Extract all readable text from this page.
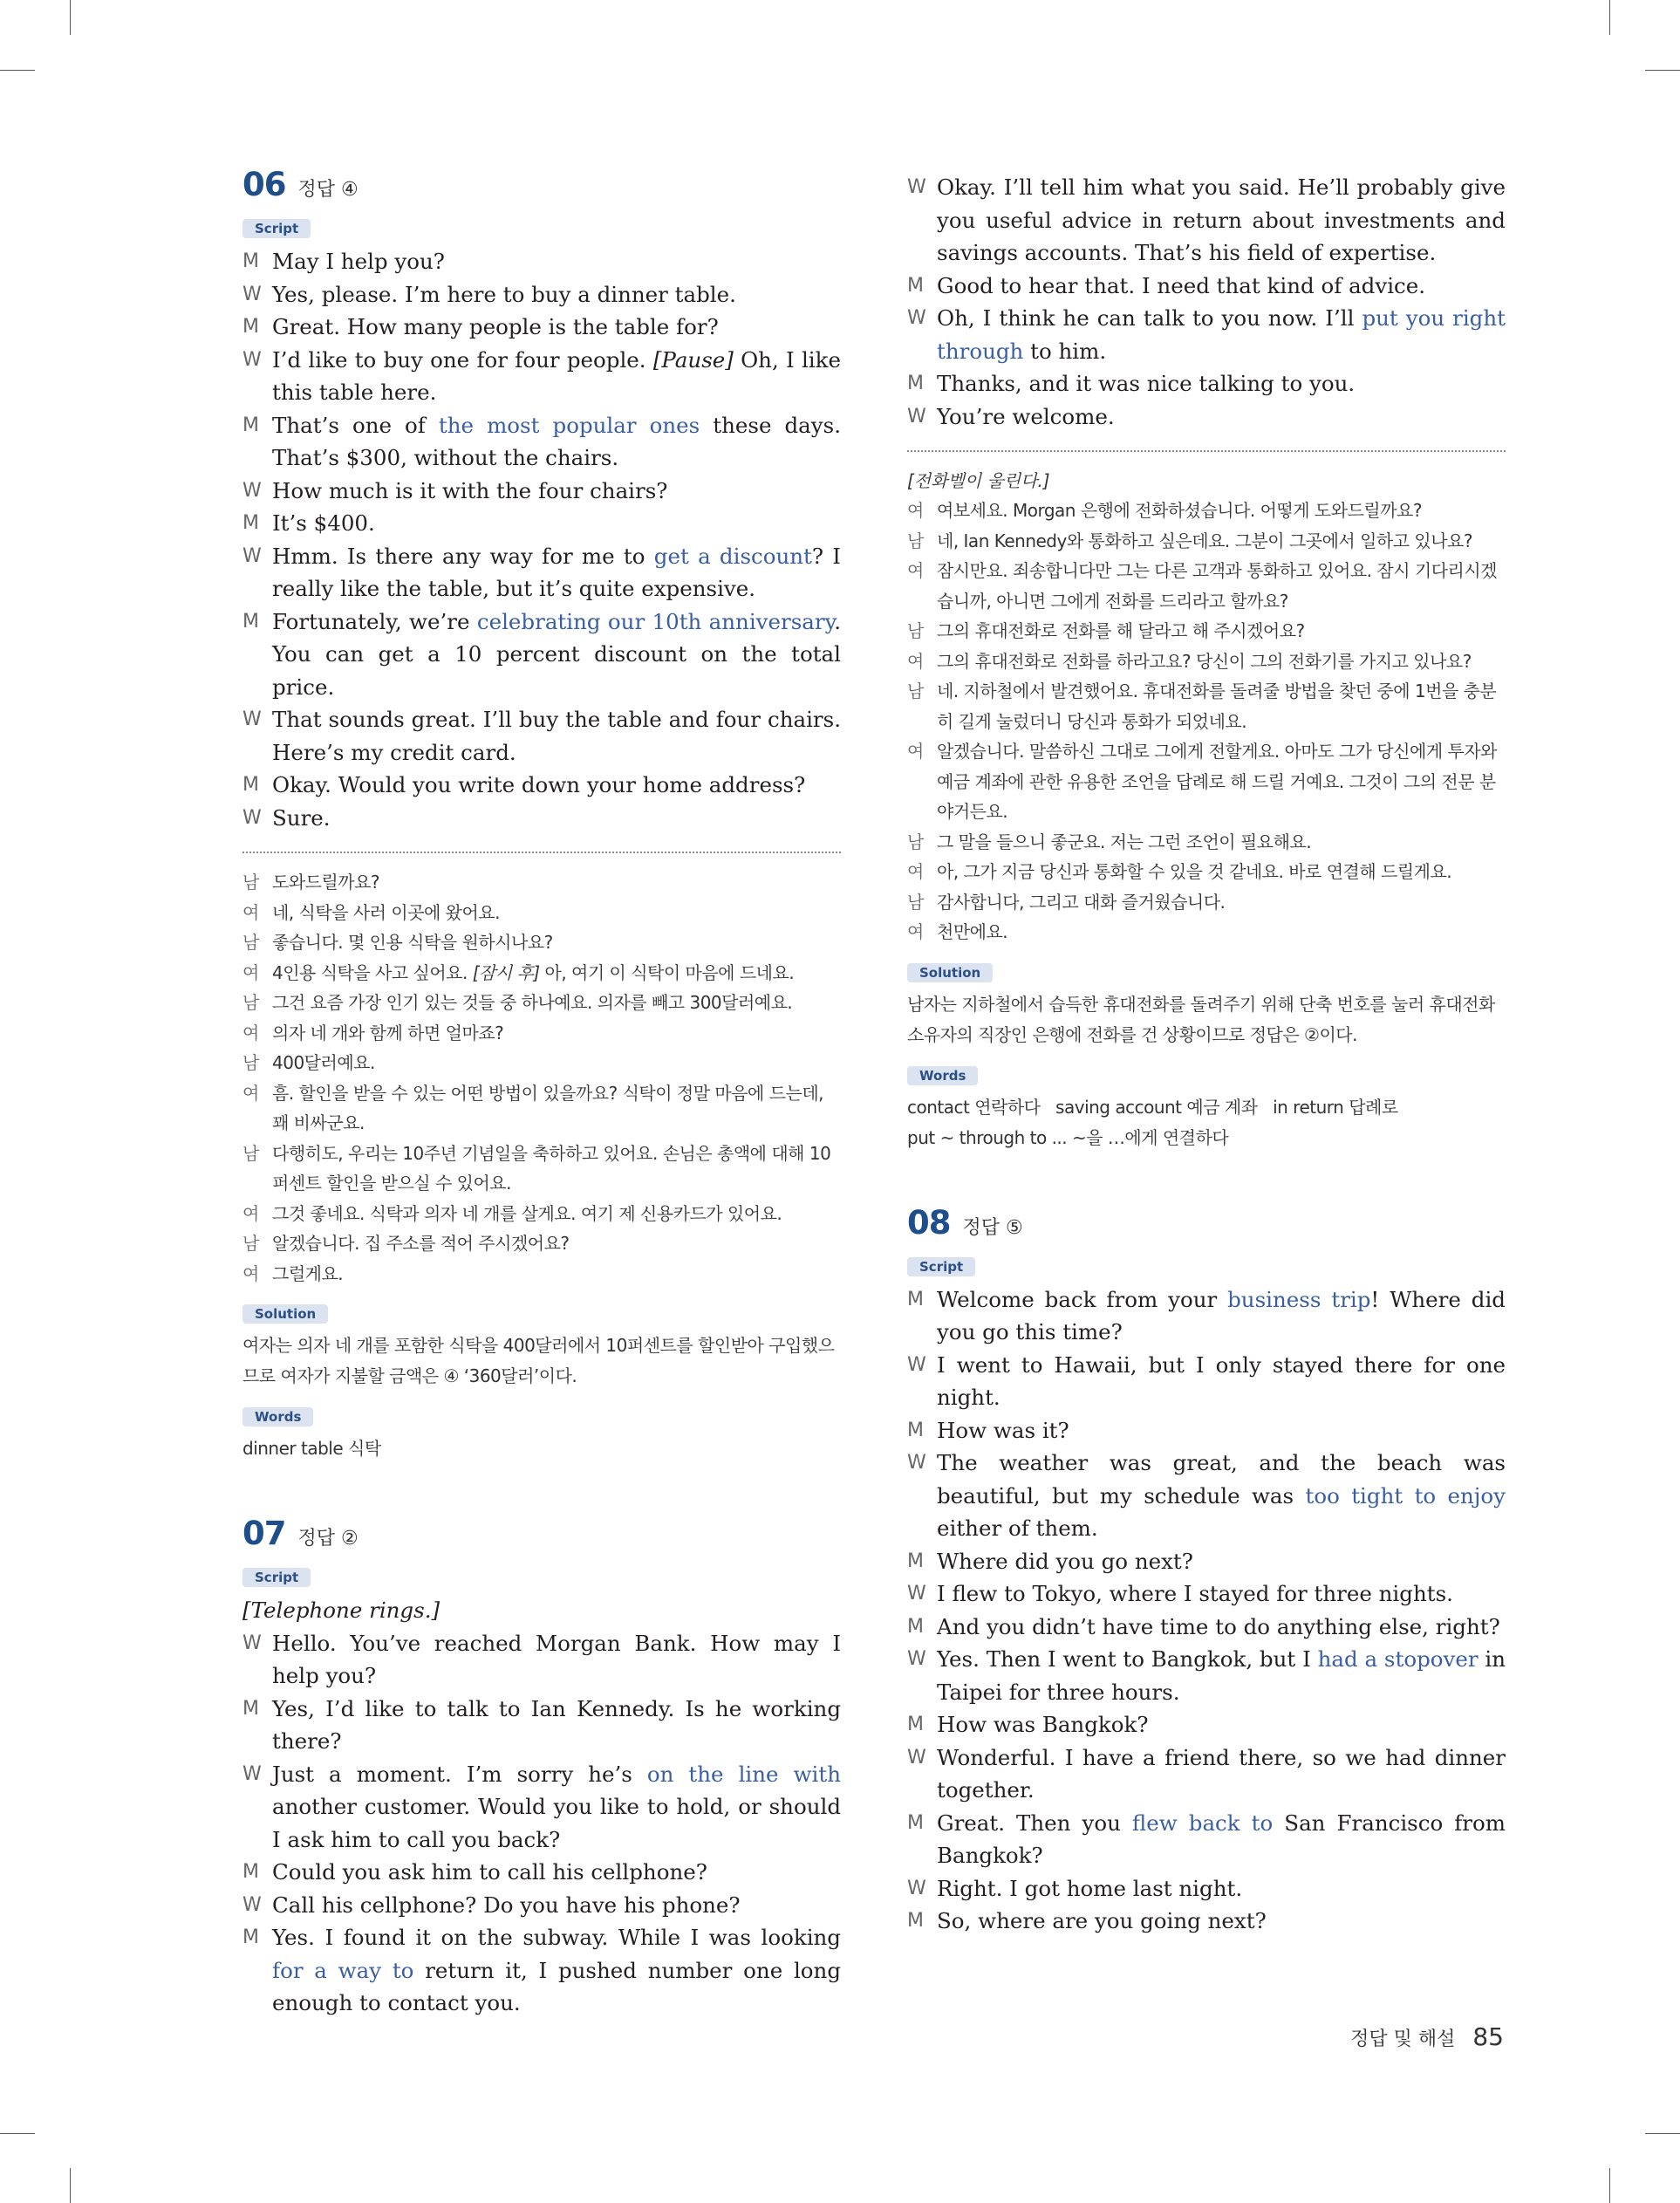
06 정답 ④
Script
M May I help you?
W Yes, please. I’m here to buy a dinner table.
M Great. How many people is the table for?
W I’d like to buy one for four people. [Pause] Oh, I like this table here.
M That’s one of the most popular ones these days. That’s $300, without the chairs.
W How much is it with the four chairs?
M It’s $400.
W Hmm. Is there any way for me to get a discount? I really like the table, but it’s quite expensive.
M Fortunately, we’re celebrating our 10th anniversary. You can get a 10 percent discount on the total price.
W That sounds great. I’ll buy the table and four chairs. Here’s my credit card.
M Okay. Would you write down your home address?
W Sure.
남 도와드릴까요?
여 네, 식탁을 사러 이곳에 왔어요.
남 좋습니다. 몇 인용 식탁을 원하시나요?
여 4인용 식탁을 사고 싶어요. [잠시 후] 아, 여기 이 식탁이 마음에 드네요.
남 그건 요즘 가장 인기 있는 것들 중 하나예요. 의자를 빼고 300달러예요.
여 의자 네 개와 함께 하면 얼마죠?
남 400달러예요.
여 흠. 할인을 받을 수 있는 어떤 방법이 있을까요? 식탁이 정말 마음에 드는데, 꽤 비싸군요.
남 다행히도, 우리는 10주년 기념일을 축하하고 있어요. 손님은 총액에 대해 10퍼센트 할인을 받으실 수 있어요.
여 그것 좋네요. 식탁과 의자 네 개를 살게요. 여기 제 신용카드가 있어요.
남 알겠습니다. 집 주소를 적어 주시겠어요?
여 그럴게요.
Solution
여자는 의자 네 개를 포함한 식탁을 400달러에서 10퍼센트를 할인받아 구입했으므로 여자가 지불할 금액은 ④ ‘360달러’이다.
Words
dinner table 식탁
07 정답 ②
Script
[Telephone rings.]
W Hello. You’ve reached Morgan Bank. How may I help you?
M Yes, I’d like to talk to Ian Kennedy. Is he working there?
W Just a moment. I’m sorry he’s on the line with another customer. Would you like to hold, or should I ask him to call you back?
M Could you ask him to call his cellphone?
W Call his cellphone? Do you have his phone?
M Yes. I found it on the subway. While I was looking for a way to return it, I pushed number one long enough to contact you.
W Okay. I’ll tell him what you said. He’ll probably give you useful advice in return about investments and savings accounts. That’s his field of expertise.
M Good to hear that. I need that kind of advice.
W Oh, I think he can talk to you now. I’ll put you right through to him.
M Thanks, and it was nice talking to you.
W You’re welcome.
[전화벨이 울린다.]
여 여보세요. Morgan 은행에 전화하셨습니다. 어떻게 도와드릴까요?
남 네, Ian Kennedy와 통화하고 싶은데요. 그분이 그곳에서 일하고 있나요?
여 잠시만요. 죄송합니다만 그는 다른 고객과 통화하고 있어요. 잠시 기다리시겠습니까, 아니면 그에게 전화를 드리라고 할까요?
남 그의 휴대전화로 전화를 해 달라고 해 주시겠어요?
여 그의 휴대전화로 전화를 하라고요? 당신이 그의 전화기를 가지고 있나요?
남 네. 지하철에서 발견했어요. 휴대전화를 돌려줄 방법을 찾던 중에 1번을 충분히 길게 눌렀더니 당신과 통화가 되었네요.
여 알겠습니다. 말씀하신 그대로 그에게 전할게요. 아마도 그가 당신에게 투자와 예금 계좌에 관한 유용한 조언을 답례로 해 드릴 거예요. 그것이 그의 전문 분야거든요.
남 그 말을 들으니 좋군요. 저는 그런 조언이 필요해요.
여 아, 그가 지금 당신과 통화할 수 있을 것 같네요. 바로 연결해 드릴게요.
남 감사합니다, 그리고 대화 즐거웠습니다.
여 천만에요.
Solution
남자는 지하철에서 습득한 휴대전화를 돌려주기 위해 단축 번호를 눌러 휴대전화 소유자의 직장인 은행에 전화를 건 상황이므로 정답은 ②이다.
Words
contact 연락하다   saving account 예금 계좌   in return 답례로
put ~ through to ... ~을 …에게 연결하다
08 정답 ⑤
Script
M Welcome back from your business trip! Where did you go this time?
W I went to Hawaii, but I only stayed there for one night.
M How was it?
W The weather was great, and the beach was beautiful, but my schedule was too tight to enjoy either of them.
M Where did you go next?
W I flew to Tokyo, where I stayed for three nights.
M And you didn’t have time to do anything else, right?
W Yes. Then I went to Bangkok, but I had a stopover in Taipei for three hours.
M How was Bangkok?
W Wonderful. I have a friend there, so we had dinner together.
M Great. Then you flew back to San Francisco from Bangkok?
W Right. I got home last night.
M So, where are you going next?
정답 및 해설 85
